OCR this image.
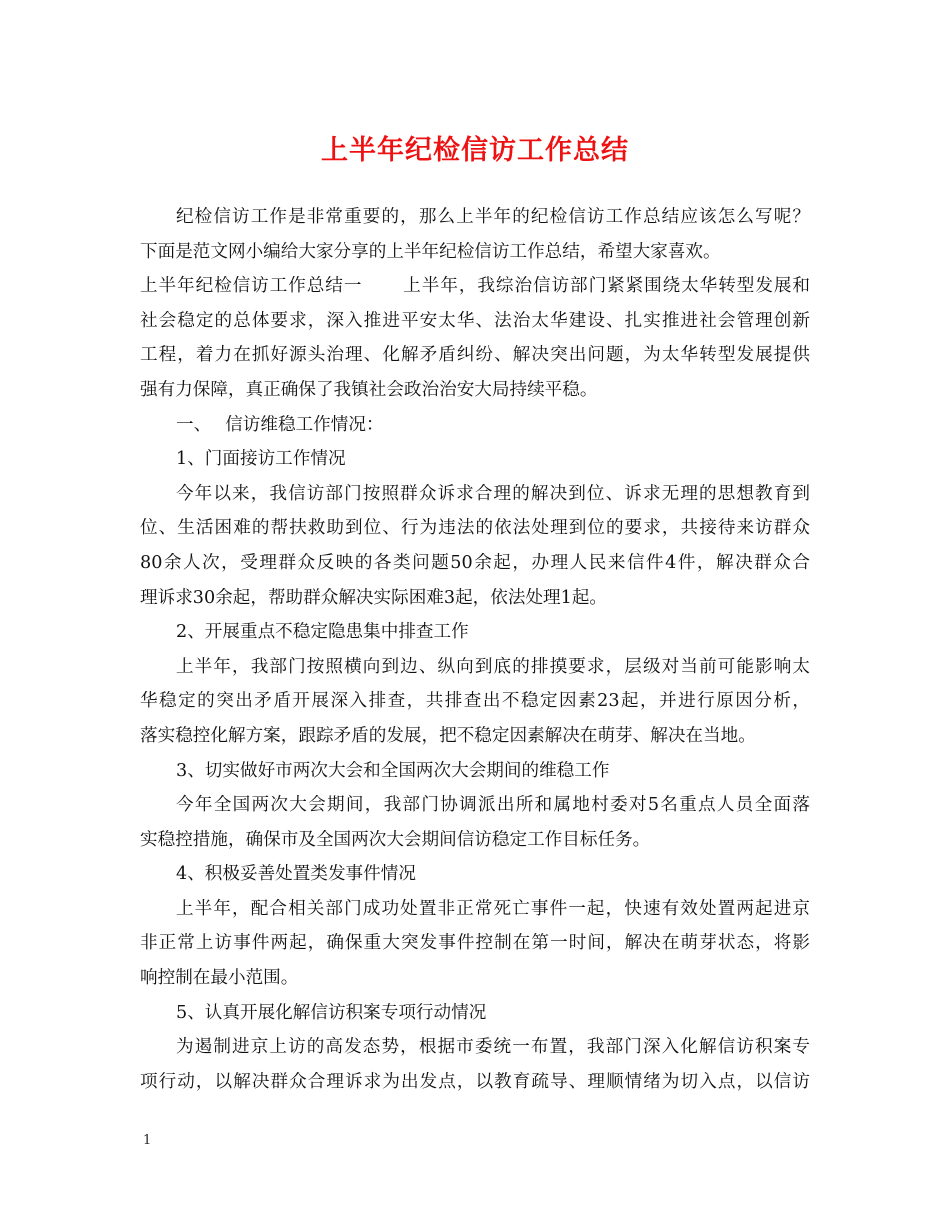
上半年纪检信访工作总结
纪检信访工作是非常重要的，那么上半年的纪检信访工作总结应该怎么写呢？
下面是范文网小编给大家分享的上半年纪检信访工作总结，希望大家喜欢。
上半年纪检信访工作总结一 上半年，我综治信访部门紧紧围绕太华转型发展和
社会稳定的总体要求，深入推进平安太华、法治太华建设、扎实推进社会管理创新
工程，着力在抓好源头治理、化解矛盾纠纷、解决突出问题，为太华转型发展提供
强有力保障，真正确保了我镇社会政治治安大局持续平稳。
一、 信访维稳工作情况：
1、门面接访工作情况
今年以来，我信访部门按照群众诉求合理的解决到位、诉求无理的思想教育到
位、生活困难的帮扶救助到位、行为违法的依法处理到位的要求，共接待来访群众
80余人次，受理群众反映的各类问题50余起，办理人民来信件4件，解决群众合
理诉求30余起，帮助群众解决实际困难3起，依法处理1起。
2、开展重点不稳定隐患集中排查工作
上半年，我部门按照横向到边、纵向到底的排摸要求，层级对当前可能影响太
华稳定的突出矛盾开展深入排查，共排查出不稳定因素23起，并进行原因分析，
落实稳控化解方案，跟踪矛盾的发展，把不稳定因素解决在萌芽、解决在当地。
3、切实做好市两次大会和全国两次大会期间的维稳工作
今年全国两次大会期间，我部门协调派出所和属地村委对5名重点人员全面落
实稳控措施，确保市及全国两次大会期间信访稳定工作目标任务。
4、积极妥善处置类发事件情况
上半年，配合相关部门成功处置非正常死亡事件一起，快速有效处置两起进京
非正常上访事件两起，确保重大突发事件控制在第一时间，解决在萌芽状态，将影
响控制在最小范围。
5、认真开展化解信访积案专项行动情况
为遏制进京上访的高发态势，根据市委统一布置，我部门深入化解信访积案专
项行动，以解决群众合理诉求为出发点，以教育疏导、理顺情绪为切入点，以信访
1
